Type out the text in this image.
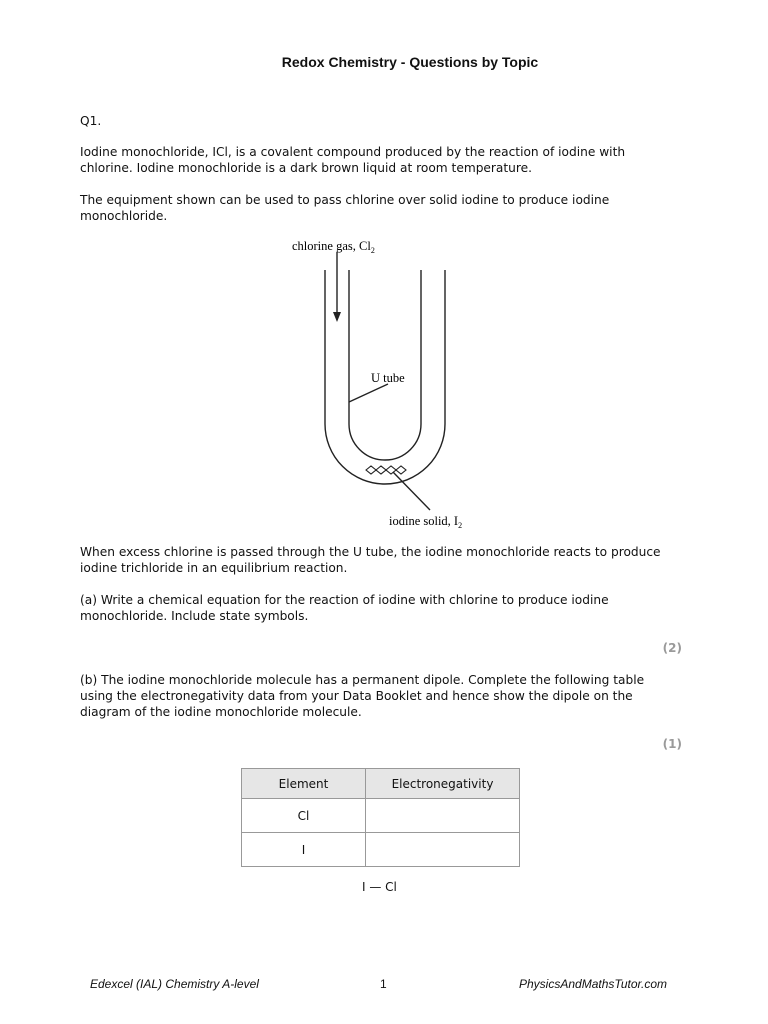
Redox Chemistry - Questions by Topic
Q1.
Iodine monochloride, ICl, is a covalent compound produced by the reaction of iodine with chlorine. Iodine monochloride is a dark brown liquid at room temperature.
The equipment shown can be used to pass chlorine over solid iodine to produce iodine monochloride.
chlorine gas, $Cl_2$
U tube
iodine solid, $I_2$
When excess chlorine is passed through the U tube, the iodine monochloride reacts to produce iodine trichloride in an equilibrium reaction.
(a) Write a chemical equation for the reaction of iodine with chlorine to produce iodine monochloride. Include state symbols.
(2)
(b) The iodine monochloride molecule has a permanent dipole. Complete the following table using the electronegativity data from your Data Booklet and hence show the dipole on the diagram of the iodine monochloride molecule.
(1)
Element	Electronegativity
Cl	
I	
I — Cl
Edexcel (IAL) Chemistry A-level	1	PhysicsAndMathsTutor.com
